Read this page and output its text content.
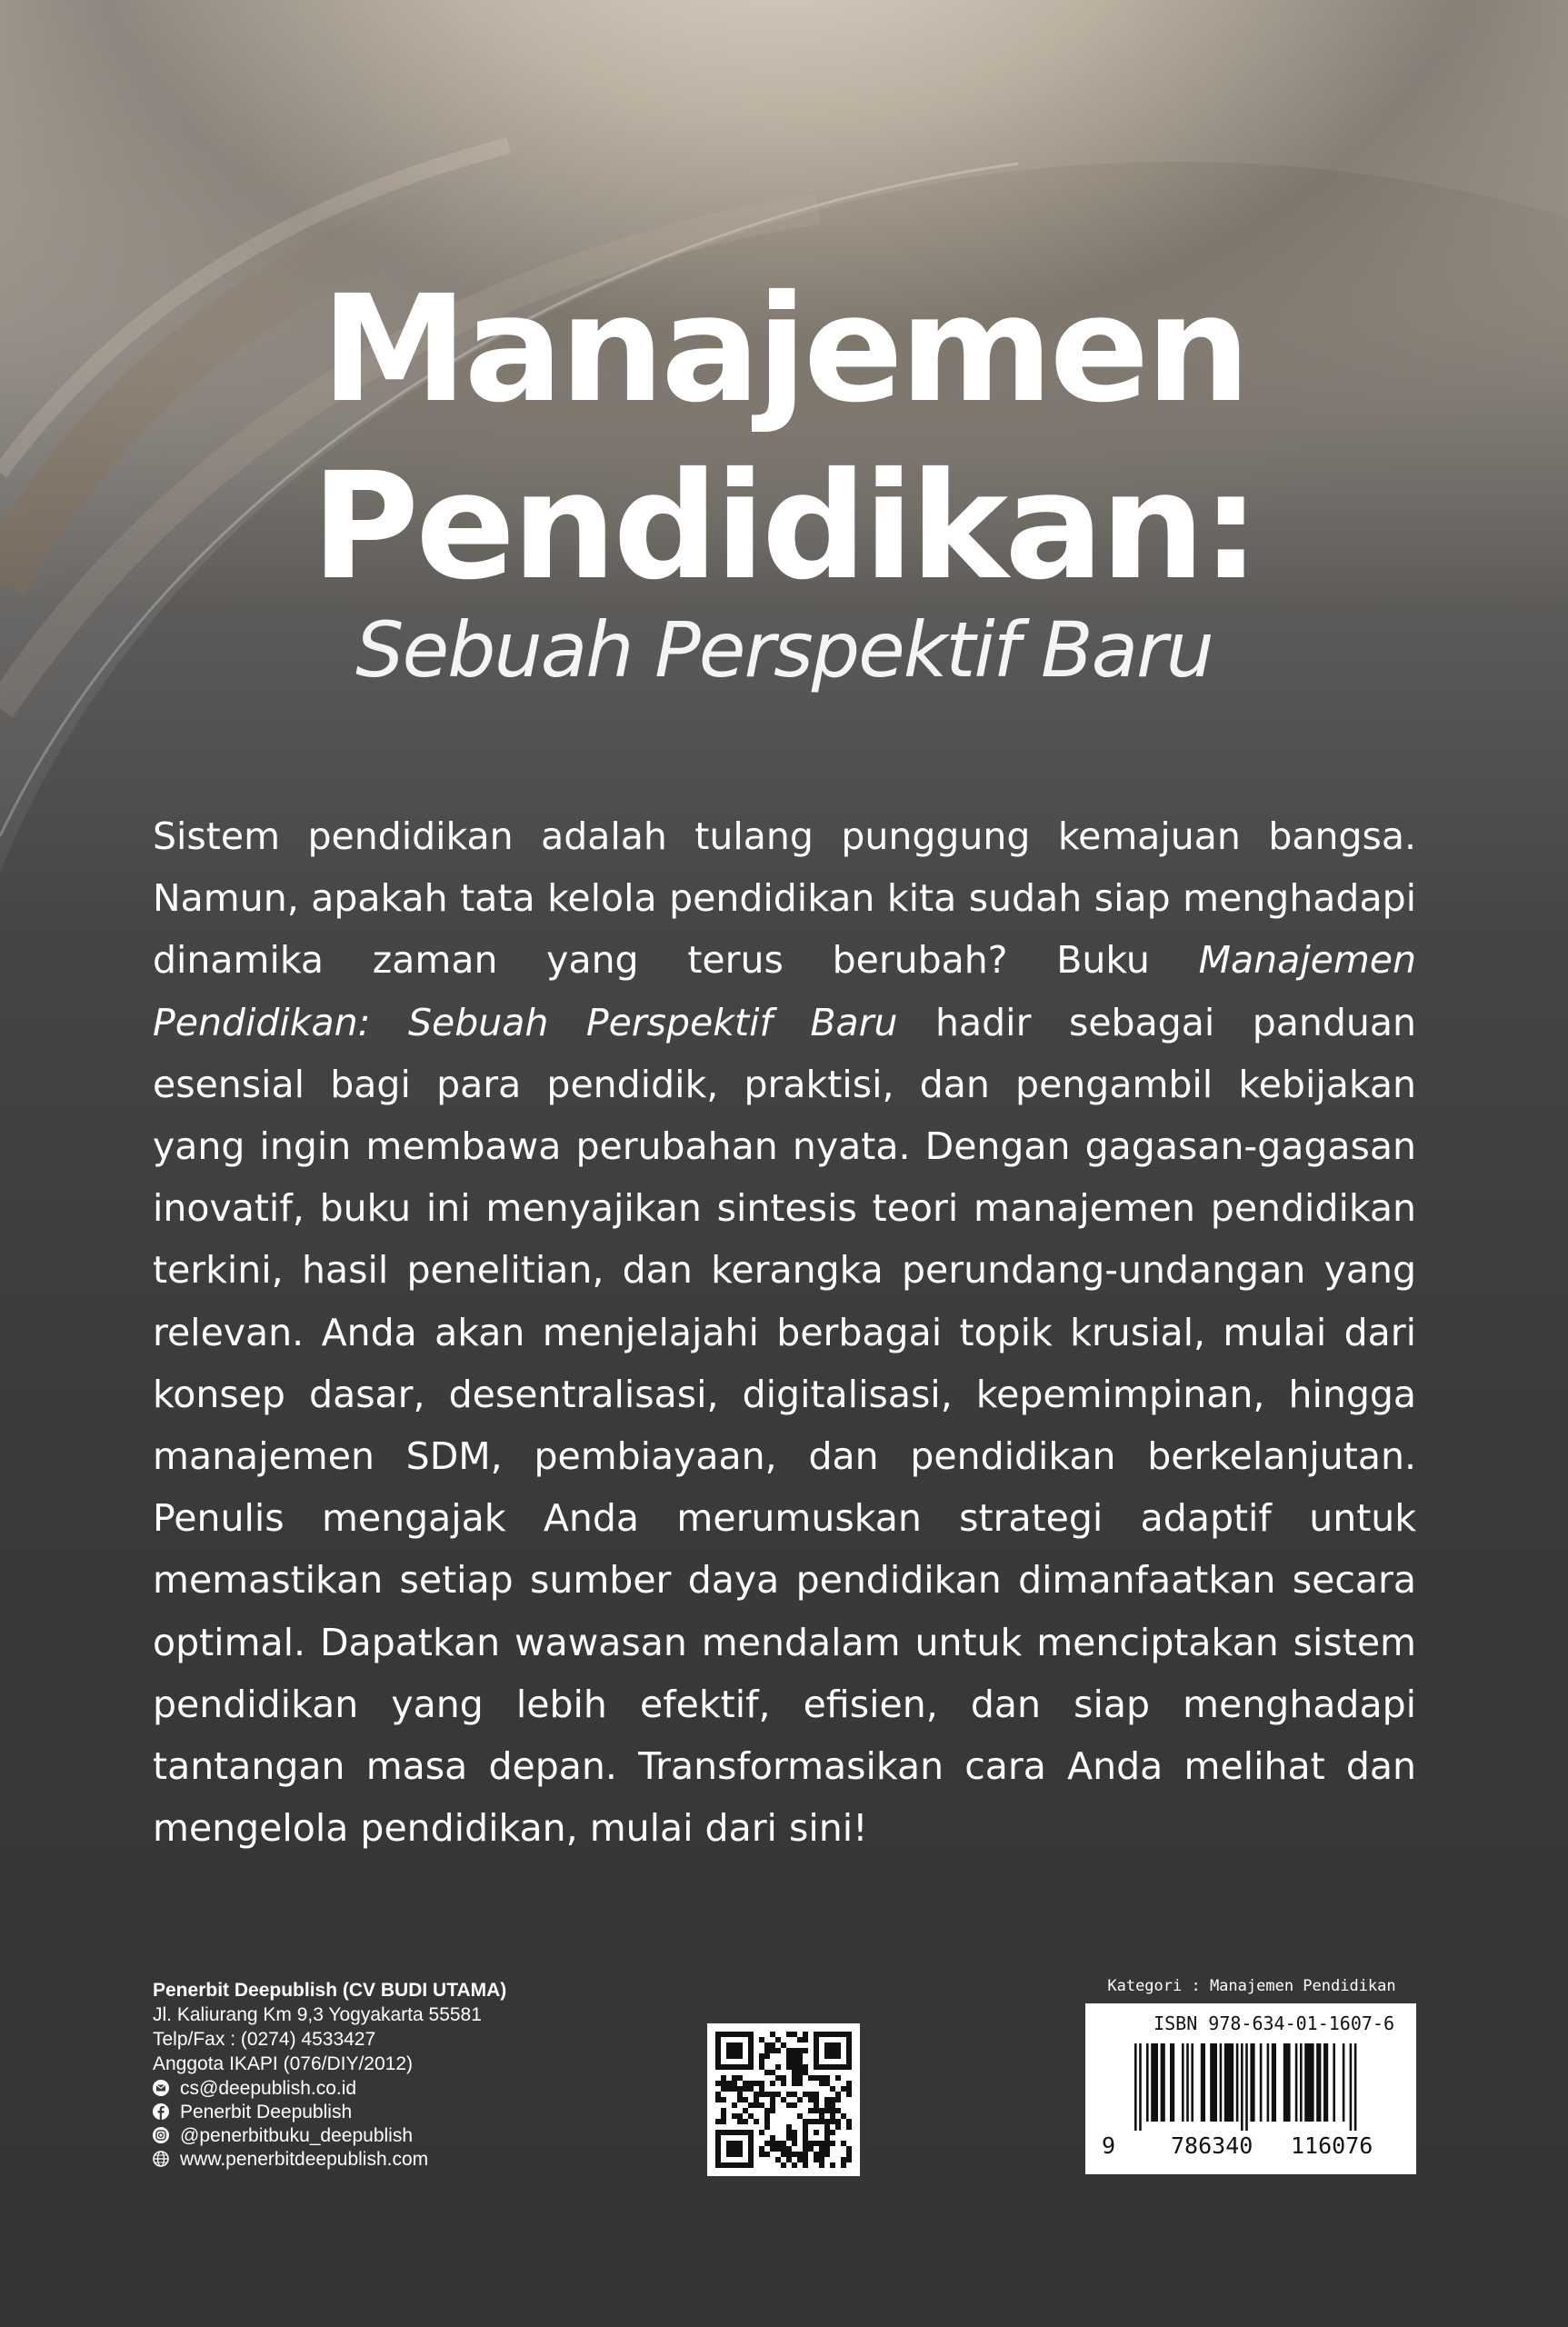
Manajemen
Pendidikan:
Sebuah Perspektif Baru

Sistem pendidikan adalah tulang punggung kemajuan bangsa. Namun, apakah tata kelola pendidikan kita sudah siap menghadapi dinamika zaman yang terus berubah? Buku Manajemen Pendidikan: Sebuah Perspektif Baru hadir sebagai panduan esensial bagi para pendidik, praktisi, dan pengambil kebijakan yang ingin membawa perubahan nyata. Dengan gagasan-gagasan inovatif, buku ini menyajikan sintesis teori manajemen pendidikan terkini, hasil penelitian, dan kerangka perundang-undangan yang relevan. Anda akan menjelajahi berbagai topik krusial, mulai dari konsep dasar, desentralisasi, digitalisasi, kepemimpinan, hingga manajemen SDM, pembiayaan, dan pendidikan berkelanjutan. Penulis mengajak Anda merumuskan strategi adaptif untuk memastikan setiap sumber daya pendidikan dimanfaatkan secara optimal. Dapatkan wawasan mendalam untuk menciptakan sistem pendidikan yang lebih efektif, efisien, dan siap menghadapi tantangan masa depan. Transformasikan cara Anda melihat dan mengelola pendidikan, mulai dari sini!

Penerbit Deepublish (CV BUDI UTAMA)
Jl. Kaliurang Km 9,3 Yogyakarta 55581
Telp/Fax : (0274) 4533427
Anggota IKAPI (076/DIY/2012)
cs@deepublish.co.id
Penerbit Deepublish
@penerbitbuku_deepublish
www.penerbitdeepublish.com
Kategori : Manajemen Pendidikan
ISBN 978-634-01-1607-6
9 786340 116076
